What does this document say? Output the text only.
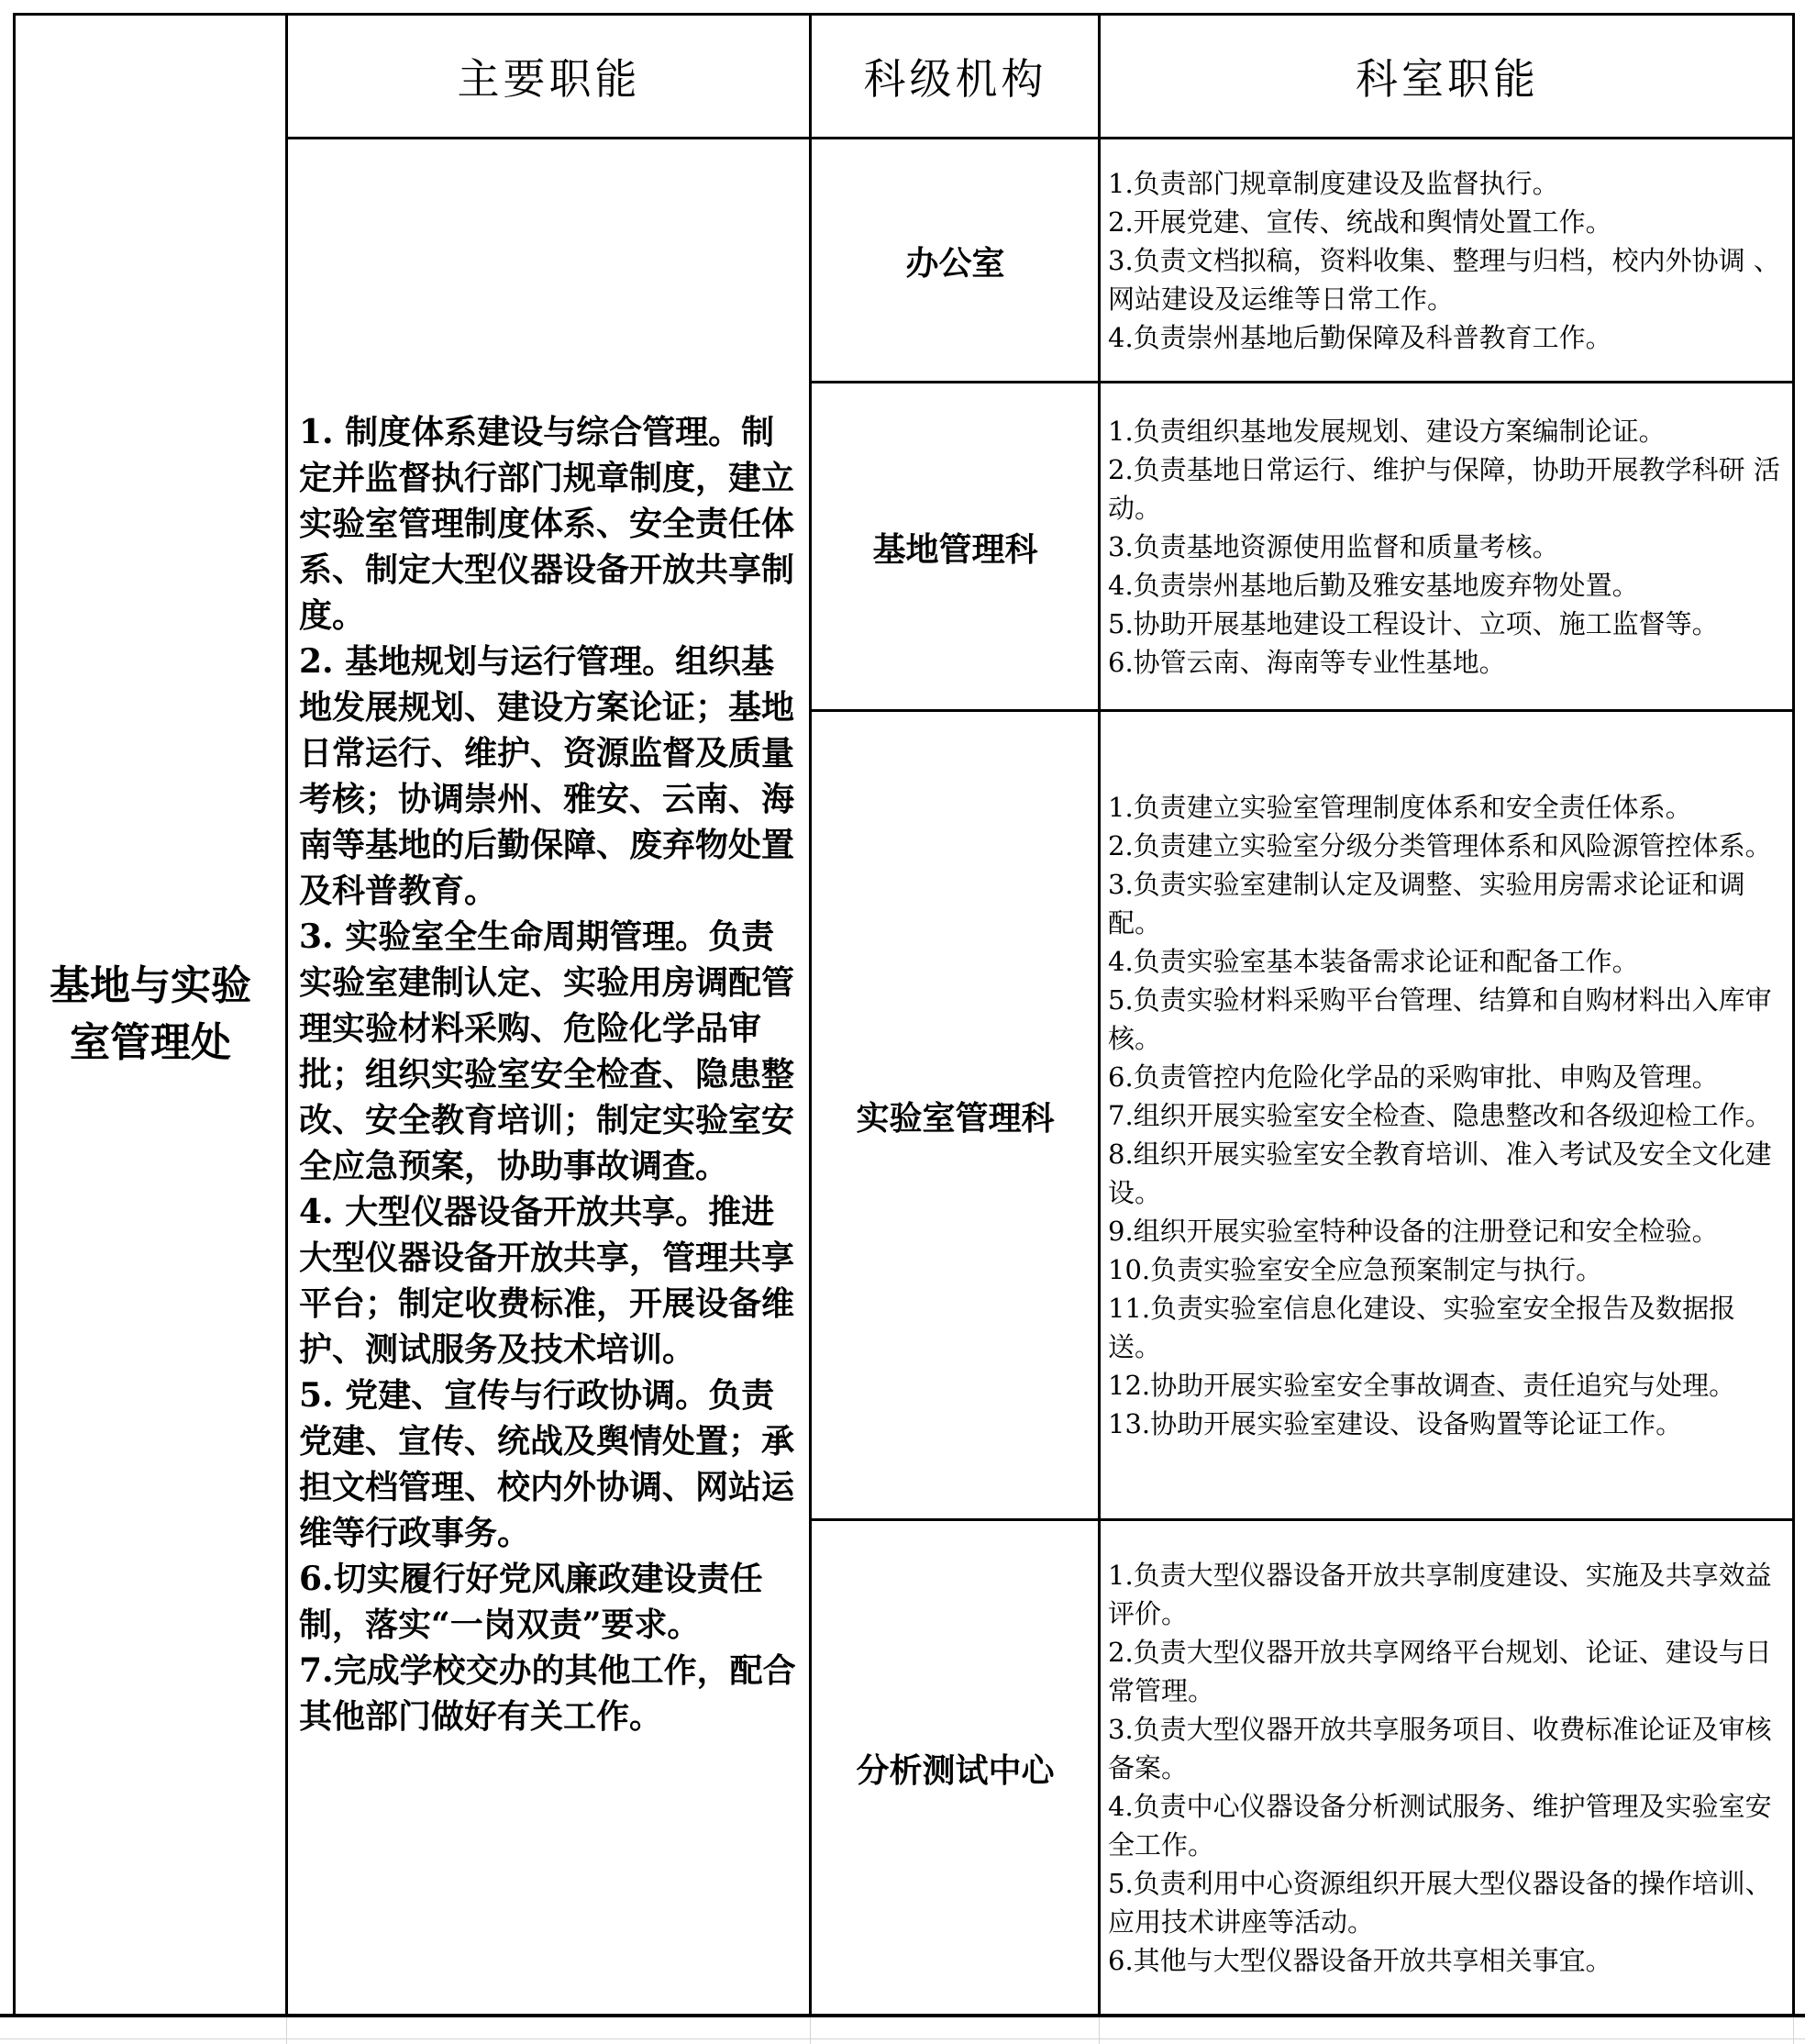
主要职能	科级机构	科室职能
基地与实验室管理处

1. 制度体系建设与综合管理。制定并监督执行部门规章制度，建立实验室管理制度体系、安全责任体系、制定大型仪器设备开放共享制度。

2. 基地规划与运行管理。组织基地发展规划、建设方案论证；基地日常运行、维护、资源监督及质量考核；协调崇州、雅安、云南、海南等基地的后勤保障、废弃物处置及科普教育。

3. 实验室全生命周期管理。负责实验室建制认定、实验用房调配管理实验材料采购、危险化学品审批；组织实验室安全检查、隐患整改、安全教育培训；制定实验室安全应急预案，协助事故调查。

4. 大型仪器设备开放共享。推进大型仪器设备开放共享，管理共享平台；制定收费标准，开展设备维护、测试服务及技术培训。

5. 党建、宣传与行政协调。负责党建、宣传、统战及舆情处置；承担文档管理、校内外协调、网站运维等行政事务。

6.切实履行好党风廉政建设责任制，落实“一岗双责”要求。

7.完成学校交办的其他工作，配合 其他部门做好有关工作。

办公室

1.负责部门规章制度建设及监督执行。

2.开展党建、宣传、统战和舆情处置工作。

3.负责文档拟稿，资料收集、整理与归档，校内外协调 、网站建设及运维等日常工作。

4.负责崇州基地后勤保障及科普教育工作。

基地管理科

1.负责组织基地发展规划、建设方案编制论证。

2.负责基地日常运行、维护与保障，协助开展教学科研 活动。

3.负责基地资源使用监督和质量考核。

4.负责崇州基地后勤及雅安基地废弃物处置。

5.协助开展基地建设工程设计、立项、施工监督等。

6.协管云南、海南等专业性基地。

实验室管理科

1.负责建立实验室管理制度体系和安全责任体系。

2.负责建立实验室分级分类管理体系和风险源管控体系。

3.负责实验室建制认定及调整、实验用房需求论证和调配。

4.负责实验室基本装备需求论证和配备工作。

5.负责实验材料采购平台管理、结算和自购材料出入库审核。

6.负责管控内危险化学品的采购审批、申购及管理。

7.组织开展实验室安全检查、隐患整改和各级迎检工作。

8.组织开展实验室安全教育培训、准入考试及安全文化建设。

9.组织开展实验室特种设备的注册登记和安全检验。

10.负责实验室安全应急预案制定与执行。

11.负责实验室信息化建设、实验室安全报告及数据报送。

12.协助开展实验室安全事故调查、责任追究与处理。

13.协助开展实验室建设、设备购置等论证工作。

分析测试中心

1.负责大型仪器设备开放共享制度建设、实施及共享效益评价。

2.负责大型仪器开放共享网络平台规划、论证、建设与日常管理。

3.负责大型仪器开放共享服务项目、收费标准论证及审核备案。

4.负责中心仪器设备分析测试服务、维护管理及实验室安全工作。

5.负责利用中心资源组织开展大型仪器设备的操作培训、应用技术讲座等活动。

6.其他与大型仪器设备开放共享相关事宜。
